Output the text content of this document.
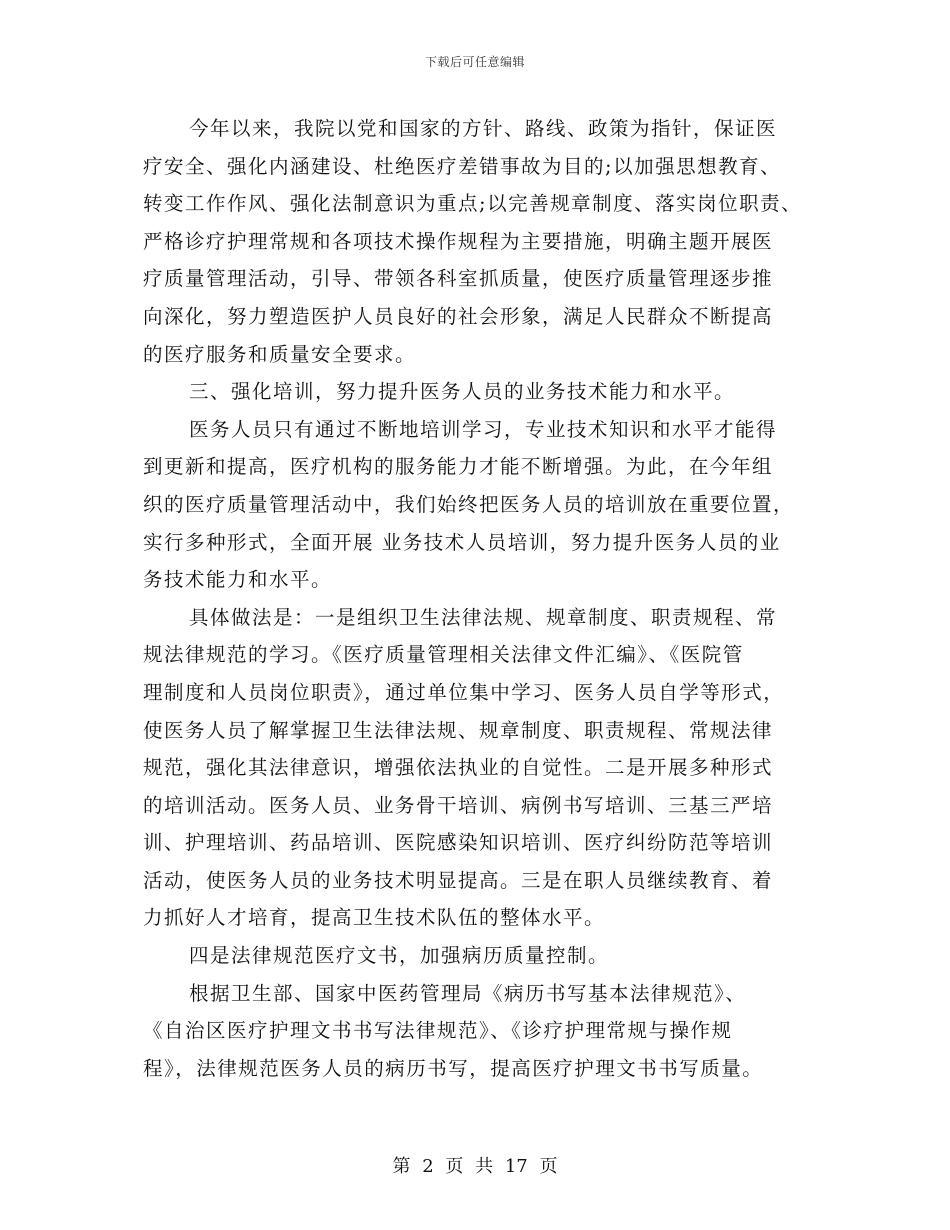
下载后可任意编辑
今年以来，我院以党和国家的方针、路线、政策为指针，保证医
疗安全、强化内涵建设、杜绝医疗差错事故为目的;以加强思想教育、
转变工作作风、强化法制意识为重点;以完善规章制度、落实岗位职责、
严格诊疗护理常规和各项技术操作规程为主要措施，明确主题开展医
疗质量管理活动，引导、带领各科室抓质量，使医疗质量管理逐步推
向深化，努力塑造医护人员良好的社会形象，满足人民群众不断提高
的医疗服务和质量安全要求。
三、强化培训，努力提升医务人员的业务技术能力和水平。
医务人员只有通过不断地培训学习，专业技术知识和水平才能得
到更新和提高，医疗机构的服务能力才能不断增强。为此，在今年组
织的医疗质量管理活动中，我们始终把医务人员的培训放在重要位置，
实行多种形式，全面开展 业务技术人员培训，努力提升医务人员的业
务技术能力和水平。
具体做法是：一是组织卫生法律法规、规章制度、职责规程、常
规法律规范的学习。《医疗质量管理相关法律文件汇编》、《医院管
理制度和人员岗位职责》，通过单位集中学习、医务人员自学等形式，
使医务人员了解掌握卫生法律法规、规章制度、职责规程、常规法律
规范，强化其法律意识，增强依法执业的自觉性。二是开展多种形式
的培训活动。医务人员、业务骨干培训、病例书写培训、三基三严培
训、护理培训、药品培训、医院感染知识培训、医疗纠纷防范等培训
活动，使医务人员的业务技术明显提高。三是在职人员继续教育、着
力抓好人才培育，提高卫生技术队伍的整体水平。
四是法律规范医疗文书，加强病历质量控制。
根据卫生部、国家中医药管理局《病历书写基本法律规范》、
《自治区医疗护理文书书写法律规范》、《诊疗护理常规与操作规
程》，法律规范医务人员的病历书写，提高医疗护理文书书写质量。
第 2 页 共 17 页
